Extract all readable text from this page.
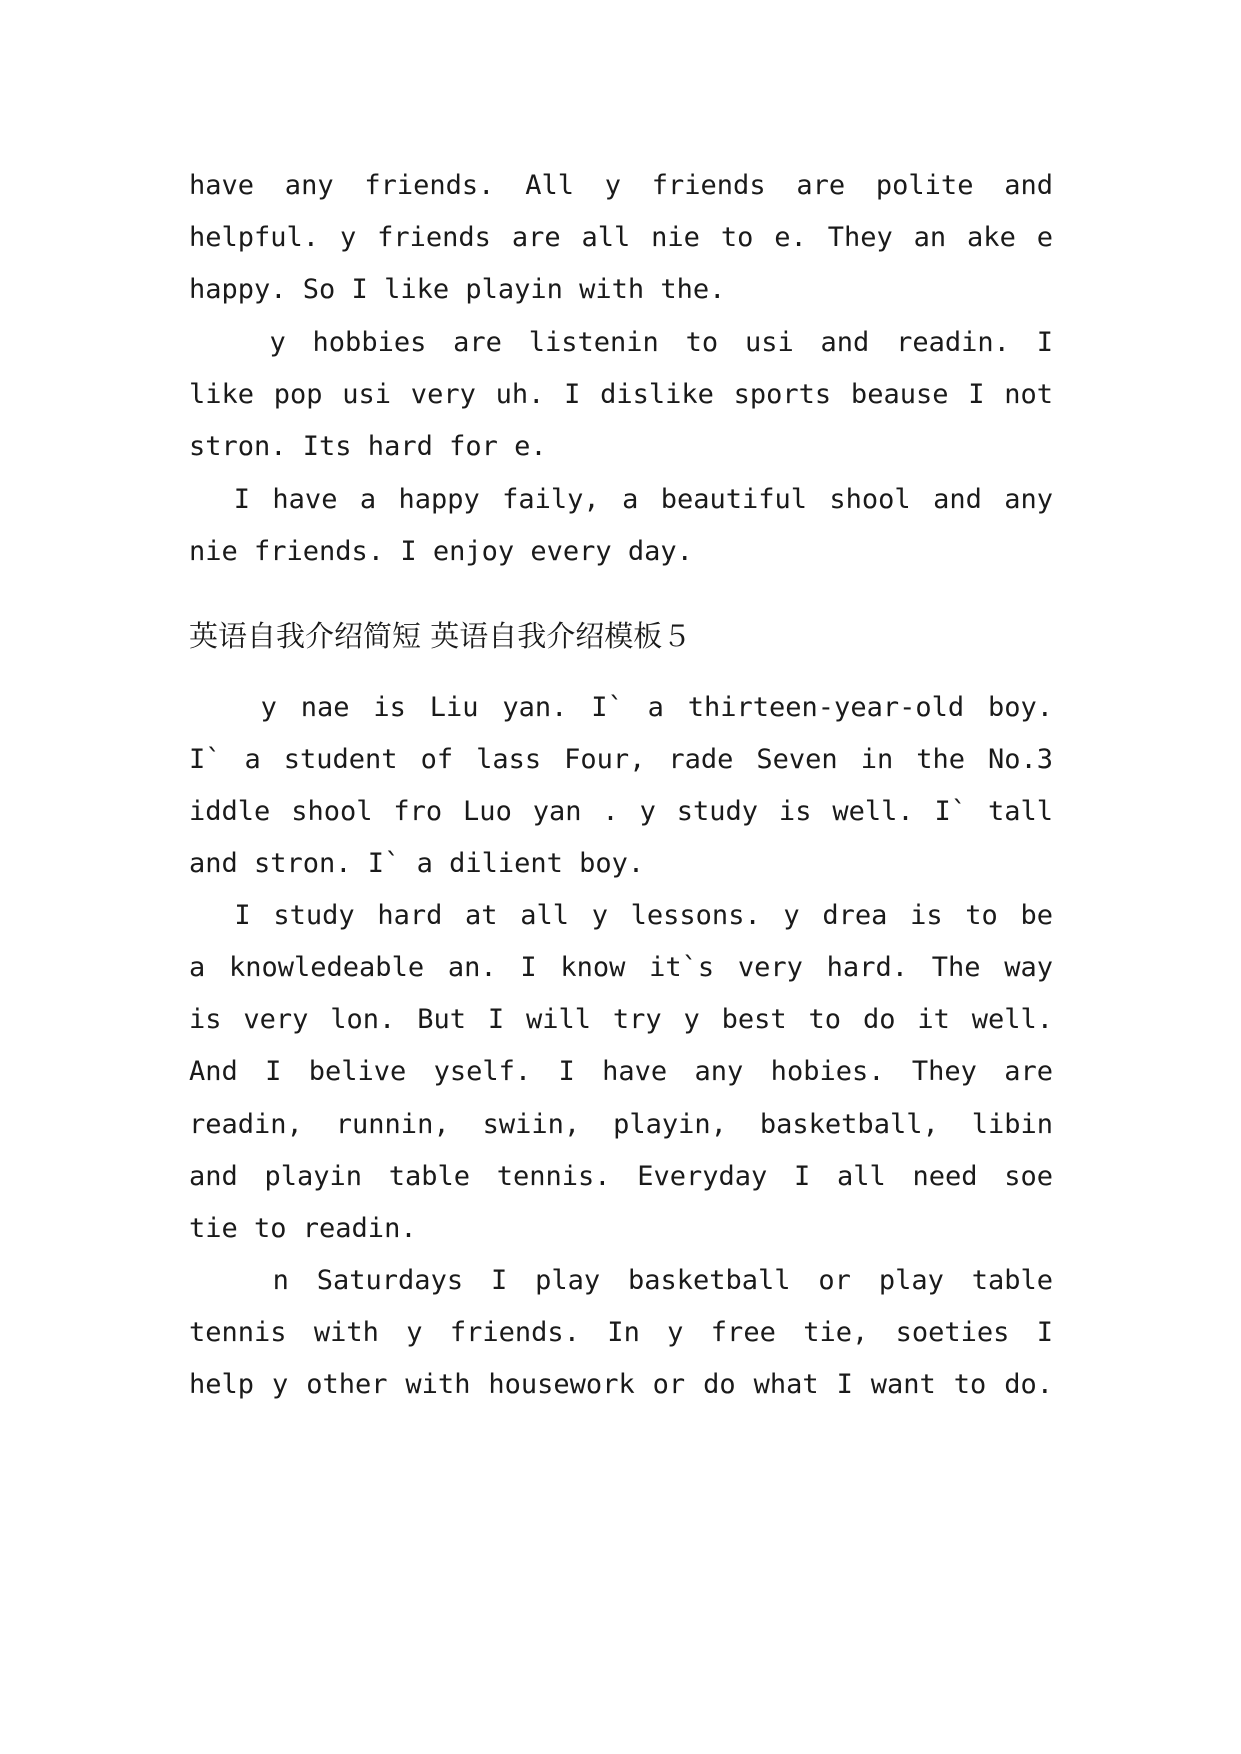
have any friends. All y friends are polite and
helpful. y friends are all nie to e. They an ake e
happy. So I like playin with the.
y hobbies are listenin to usi and readin. I
like pop usi very uh. I dislike sports beause I not
stron. Its hard for e.
I have a happy faily, a beautiful shool and any
nie friends. I enjoy every day.
英语自我介绍简短 英语自我介绍模板５
y nae is Liu yan. I` a thirteen-year-old boy.
I` a student of lass Four, rade Seven in the No.3
iddle shool fro Luo yan . y study is well. I` tall
and stron. I` a dilient boy.
I study hard at all y lessons. y drea is to be
a knowledeable an. I know it`s very hard. The way
is very lon. But I will try y best to do it well.
And I belive yself. I have any hobies. They are
readin, runnin, swiin, playin, basketball, libin
and playin table tennis. Everyday I all need soe
tie to readin.
n Saturdays I play basketball or play table
tennis with y friends. In y free tie, soeties I
help y other with housework or do what I want to do.
